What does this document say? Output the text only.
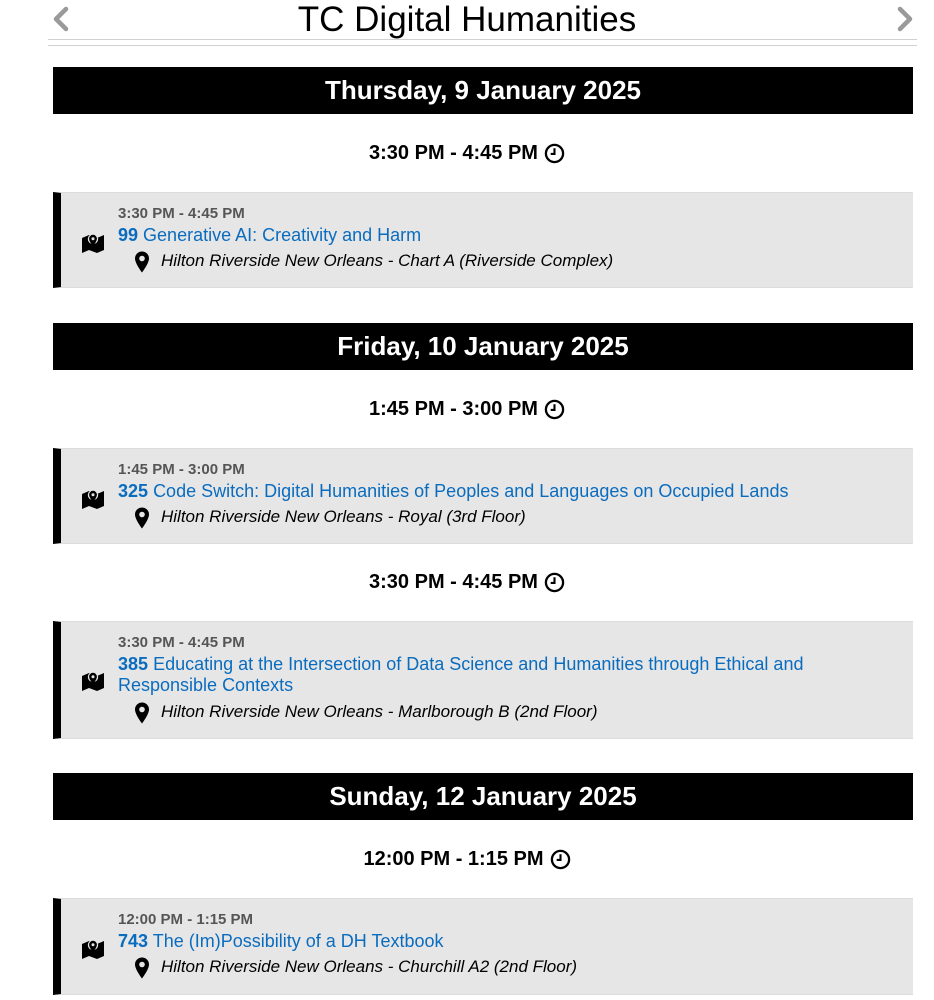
TC Digital Humanities
Thursday, 9 January 2025
3:30 PM - 4:45 PM
3:30 PM - 4:45 PM
99 Generative AI: Creativity and Harm
Hilton Riverside New Orleans - Chart A (Riverside Complex)
Friday, 10 January 2025
1:45 PM - 3:00 PM
1:45 PM - 3:00 PM
325 Code Switch: Digital Humanities of Peoples and Languages on Occupied Lands
Hilton Riverside New Orleans - Royal (3rd Floor)
3:30 PM - 4:45 PM
3:30 PM - 4:45 PM
385 Educating at the Intersection of Data Science and Humanities through Ethical and Responsible Contexts
Hilton Riverside New Orleans - Marlborough B (2nd Floor)
Sunday, 12 January 2025
12:00 PM - 1:15 PM
12:00 PM - 1:15 PM
743 The (Im)Possibility of a DH Textbook
Hilton Riverside New Orleans - Churchill A2 (2nd Floor)
